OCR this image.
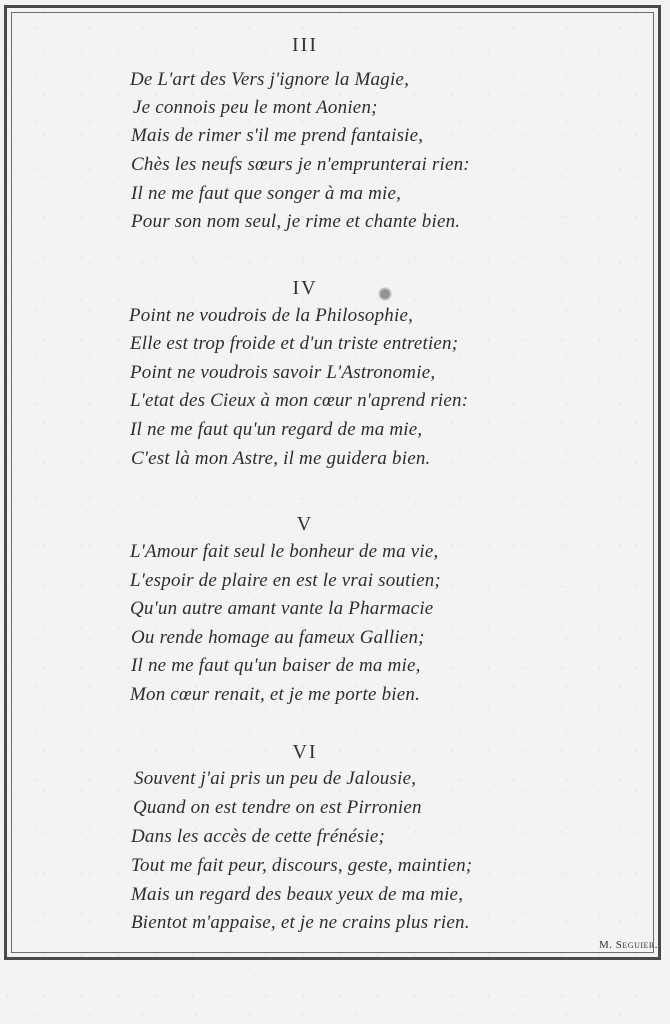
III
De L'art des Vers j'ignore la Magie,
Je connois peu le mont Aonien;
Mais de rimer s'il me prend fantaisie,
Chès les neufs sœurs je n'emprunterai rien:
Il ne me faut que songer à ma mie,
Pour son nom seul, je rime et chante bien.
IV
Point ne voudrois de la Philosophie,
Elle est trop froide et d'un triste entretien;
Point ne voudrois savoir L'Astronomie,
L'etat des Cieux à mon cœur n'aprend rien:
Il ne me faut qu'un regard de ma mie,
C'est là mon Astre, il me guidera bien.
V
L'Amour fait seul le bonheur de ma vie,
L'espoir de plaire en est le vrai soutien;
Qu'un autre amant vante la Pharmacie
Ou rende homage au fameux Gallien;
Il ne me faut qu'un baiser de ma mie,
Mon cœur renait, et je me porte bien.
VI
Souvent j'ai pris un peu de Jalousie,
Quand on est tendre on est Pirronien
Dans les accès de cette frénésie;
Tout me fait peur, discours, geste, maintien;
Mais un regard des beaux yeux de ma mie,
Bientot m'appaise, et je ne crains plus rien.
M. Seguier.
